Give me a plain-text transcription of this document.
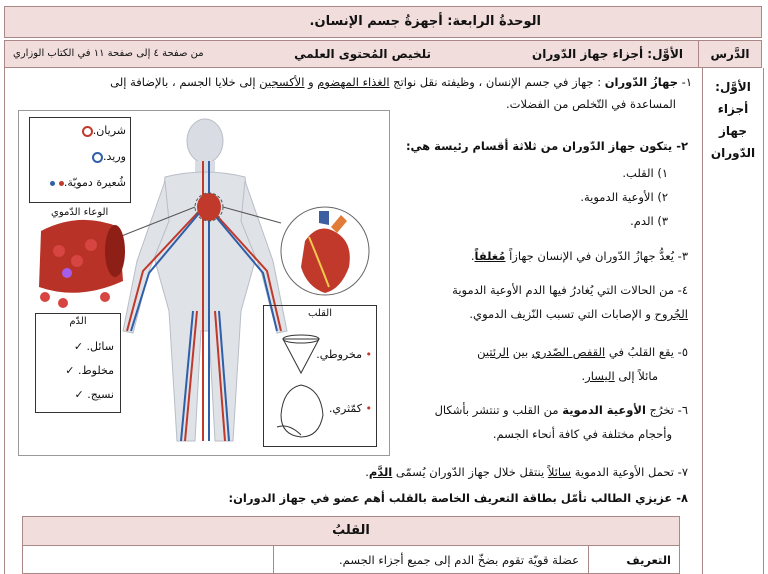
الوحدةُ الرابعة: أجهزةُ جسم الإنسان.
الدَّرس
الأوَّل: أجزاء جهاز الدّوران
تلخيص المُحتوى العلمي
من صفحة ٤ إلى صفحة ١١ في الكتاب الوزاري
الأوَّل: أجزاء جهاز الدّوران
١- جهازُ الدّوران : جهاز في جسم الإنسان ، وظيفته نقل نواتج الغذاء المهضوم و الأكسجين إلى خلايا الجسم ، بالإضافة إلى
المساعدة في التّخلص من الفضلات.
٢- يتكون جهاز الدّوران من ثلاثة أقسام رئيسة هي:
١) القلب.
٢) الأوعية الدموية.
٣) الدم.
٣- يُعدُّ جهازُ الدّوران في الإنسان جهازاً مُغلقاً.
٤- من الحالات التي يُغادرُ فيها الدم الأوعية الدموية
الجُروح و الإصابات التي تسبب النّزيف الدموي.
٥- يقع القلبُ في القفص الصّدري بين الرئتين
مائلاً إلى اليسار.
٦- تخرُج الأوعية الدموية من القلب و تنتشر بأشكال
وأحجام مختلفة في كافة أنحاء الجسم.
٧- تحمل الأوعية الدموية سائلاً ينتقل خلال جهاز الدّوران يُسمّى الدَّم.
٨- عزيزي الطالب تأمّل بطاقة التعريف الخاصة بالقلب أهم عضو في جهاز الدوران:
شريان.
وريد.
شُعيرة دمويّة.
الوعاء الدّموي
الدّم
سائل. ✓
مخلوط. ✓
نسيج. ✓
القلب
• مخروطي.
• كمّثري.
القلبُ
التعريف
عضلة قويّة تقوم بضخّ الدم إلى جميع أجزاء الجسم.
